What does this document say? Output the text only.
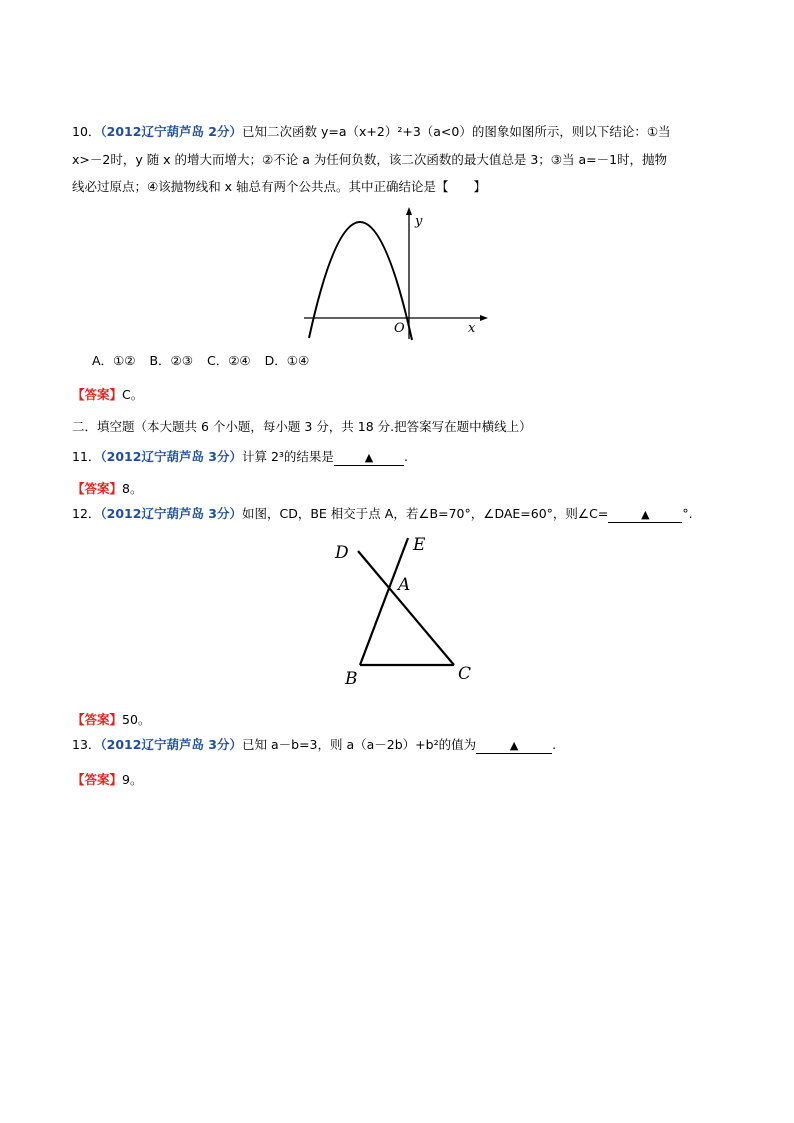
10．（2012辽宁葫芦岛 2分）已知二次函数 y=a（x+2）²+3（a<0）的图象如图所示，则以下结论：①当
x>－2时，y 随 x 的增大而增大；②不论 a 为任何负数，该二次函数的最大值总是 3；③当 a=－1时，抛物
线必过原点；④该抛物线和 x 轴总有两个公共点。其中正确结论是【　　】
y
x
O
A．①② B．②③ C．②④ D．①④
【答案】C。
二．填空题（本大题共 6 个小题，每小题 3 分，共 18 分.把答案写在题中横线上）
11．（2012辽宁葫芦岛 3分）计算 2³的结果是	▲ .
【答案】8。
12．（2012辽宁葫芦岛 3分）如图，CD，BE 相交于点 A，若∠B=70°，∠DAE=60°，则∠C=	▲	°.
D	E
A
B	C
【答案】50。
13．（2012辽宁葫芦岛 3分）已知 a－b=3，则 a（a－2b）+b²的值为	▲	.
【答案】9。
